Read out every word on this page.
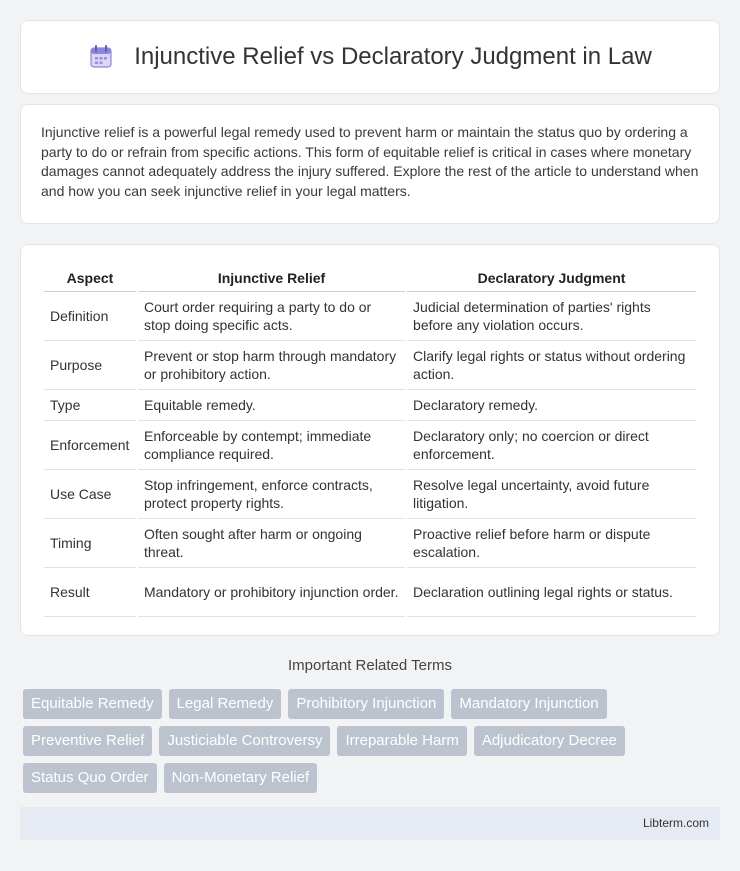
Injunctive Relief vs Declaratory Judgment in Law

Injunctive relief is a powerful legal remedy used to prevent harm or maintain the status quo by ordering a party to do or refrain from specific actions. This form of equitable relief is critical in cases where monetary damages cannot adequately address the injury suffered. Explore the rest of the article to understand when and how you can seek injunctive relief in your legal matters.

Aspect	Injunctive Relief	Declaratory Judgment
Definition	Court order requiring a party to do or stop doing specific acts.	Judicial determination of parties' rights before any violation occurs.
Purpose	Prevent or stop harm through mandatory or prohibitory action.	Clarify legal rights or status without ordering action.
Type	Equitable remedy.	Declaratory remedy.
Enforcement	Enforceable by contempt; immediate compliance required.	Declaratory only; no coercion or direct enforcement.
Use Case	Stop infringement, enforce contracts, protect property rights.	Resolve legal uncertainty, avoid future litigation.
Timing	Often sought after harm or ongoing threat.	Proactive relief before harm or dispute escalation.
Result	Mandatory or prohibitory injunction order.	Declaration outlining legal rights or status.
Important Related Terms
Equitable Remedy	Legal Remedy	Prohibitory Injunction	Mandatory Injunction
Preventive Relief	Justiciable Controversy	Irreparable Harm	Adjudicatory Decree
Status Quo Order	Non-Monetary Relief
Libterm.com
